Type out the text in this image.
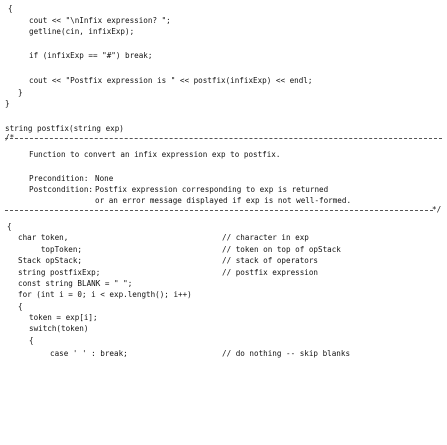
{
cout << "\nInfix expression? ";
getline(cin, infixExp);
if (infixExp == "#") break;
cout << "Postfix expression is " << postfix(infixExp) << endl;
}
}
string postfix(string exp)
/*
Function to convert an infix expression exp to postfix.
Precondition: None
Postcondition: Postfix expression corresponding to exp is returned
or an error message displayed if exp is not well-formed.
*/
{
char token,	// character in exp
topToken;	// token on top of opStack
Stack opStack;	// stack of operators
string postfixExp;	// postfix expression
const string BLANK = " ";
for (int i = 0; i < exp.length(); i++)
{
token = exp[i];
switch(token)
{
case ' ' : break;	// do nothing -- skip blanks
